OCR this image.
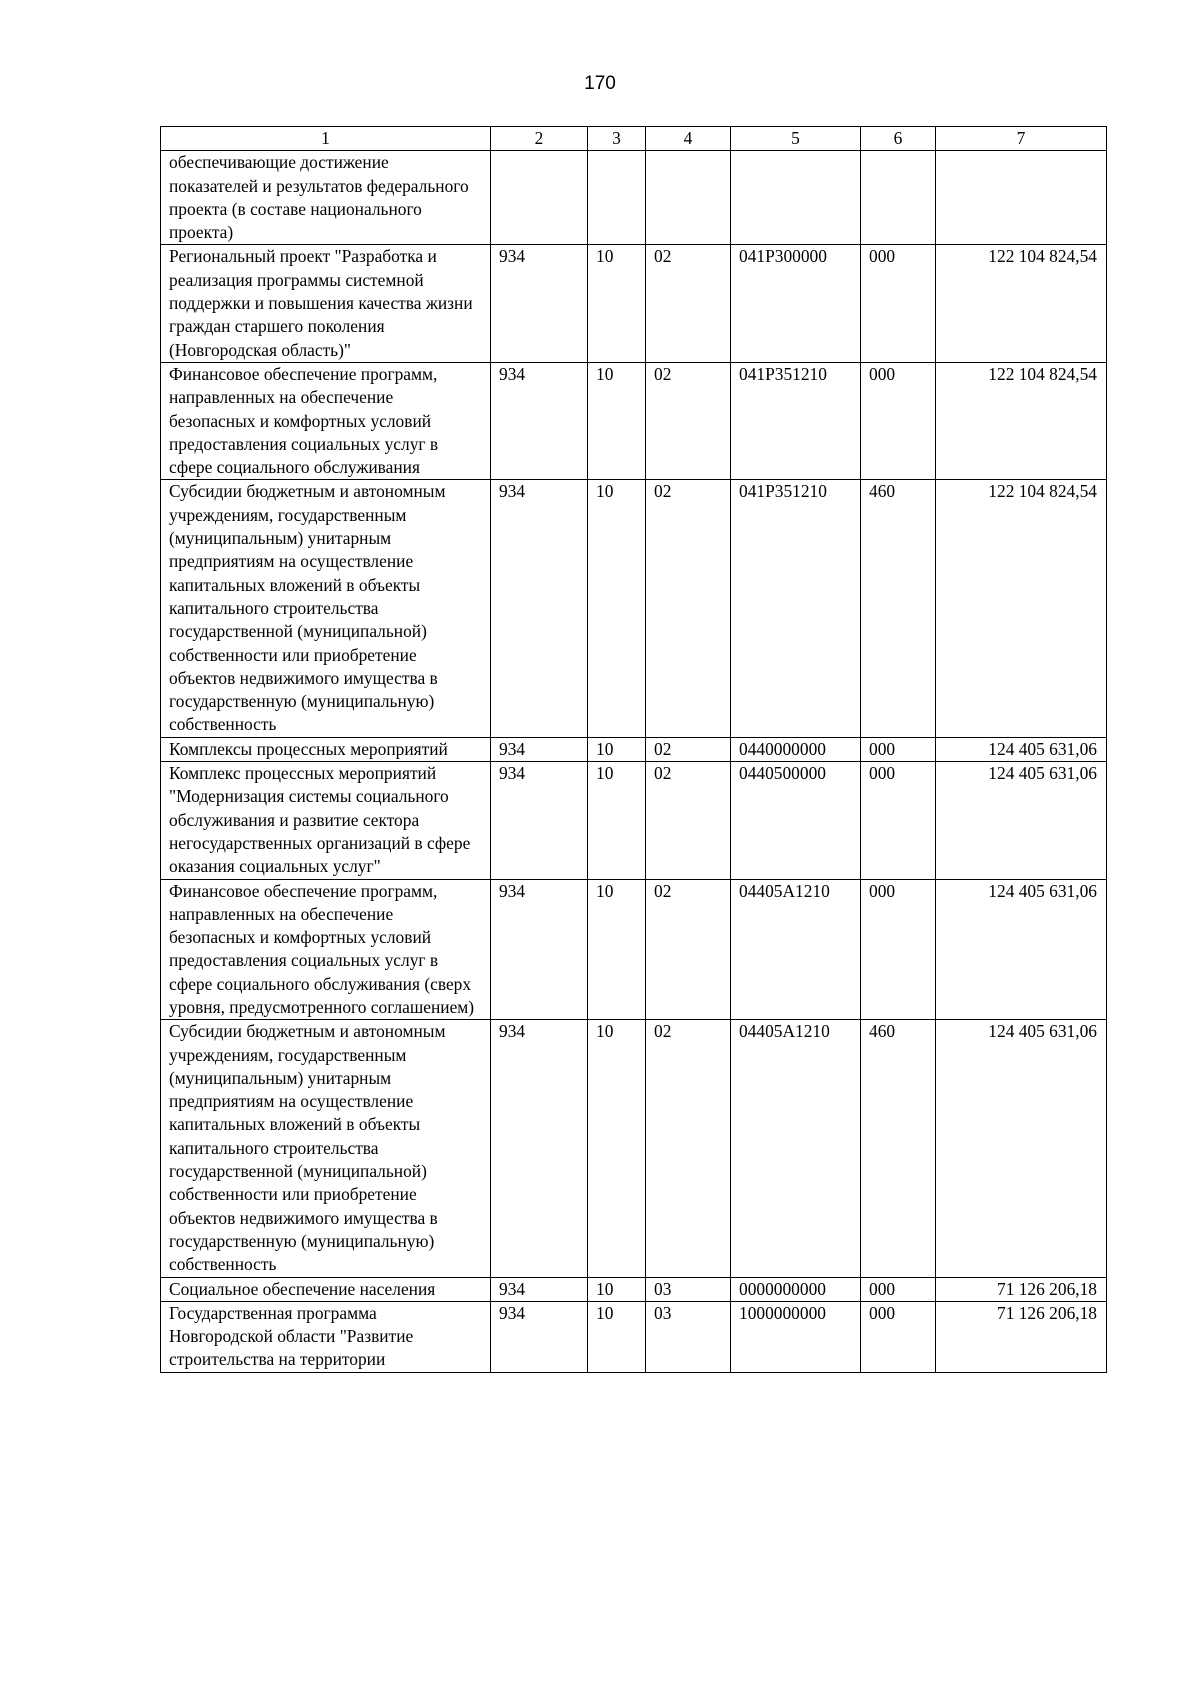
170
1	2	3	4	5	6	7
обеспечивающие достижение показателей и результатов федерального проекта (в составе национального проекта)						
Региональный проект "Разработка и реализация программы системной поддержки и повышения качества жизни граждан старшего поколения (Новгородская область)"	934	10	02	041Р300000	000	122 104 824,54
Финансовое обеспечение программ, направленных на обеспечение безопасных и комфортных условий предоставления социальных услуг в сфере социального обслуживания	934	10	02	041Р351210	000	122 104 824,54
Субсидии бюджетным и автономным учреждениям, государственным (муниципальным) унитарным предприятиям на осуществление капитальных вложений в объекты капитального строительства государственной (муниципальной) собственности или приобретение объектов недвижимого имущества в государственную (муниципальную) собственность	934	10	02	041Р351210	460	122 104 824,54
Комплексы процессных мероприятий	934	10	02	0440000000	000	124 405 631,06
Комплекс процессных мероприятий "Модернизация системы социального обслуживания и развитие сектора негосударственных организаций в сфере оказания социальных услуг"	934	10	02	0440500000	000	124 405 631,06
Финансовое обеспечение программ, направленных на обеспечение безопасных и комфортных условий предоставления социальных услуг в сфере социального обслуживания (сверх уровня, предусмотренного соглашением)	934	10	02	04405А1210	000	124 405 631,06
Субсидии бюджетным и автономным учреждениям, государственным (муниципальным) унитарным предприятиям на осуществление капитальных вложений в объекты капитального строительства государственной (муниципальной) собственности или приобретение объектов недвижимого имущества в государственную (муниципальную) собственность	934	10	02	04405А1210	460	124 405 631,06
Социальное обеспечение населения	934	10	03	0000000000	000	71 126 206,18
Государственная программа Новгородской области "Развитие строительства на территории	934	10	03	1000000000	000	71 126 206,18
